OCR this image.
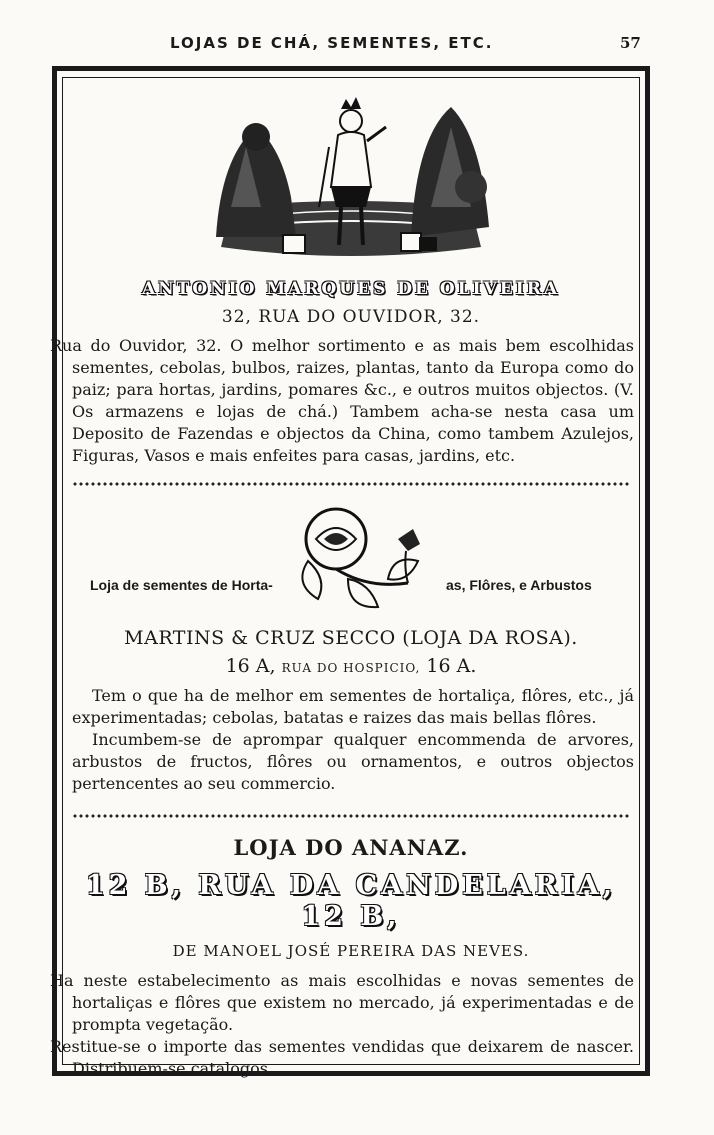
LOJAS DE CHÁ, SEMENTES, ETC.	57
ANTONIO MARQUES DE OLIVEIRA
32, RUA DO OUVIDOR, 32.

Rua do Ouvidor, 32. O melhor sortimento e as mais bem escolhidas sementes, cebolas, bulbos, raizes, plantas, tanto da Europa como do paiz; para hortas, jardins, pomares &c., e outros muitos objectos. (V. Os armazens e lojas de chá.) Tambem acha-se nesta casa um Deposito de Fazendas e objectos da China, como tambem Azulejos, Figuras, Vasos e mais enfeites para casas, jardins, etc.

Loja de sementes de Horta-	as, Flôres, e Arbustos
MARTINS & CRUZ SECCO (LOJA DA ROSA).
16 A, RUA DO HOSPICIO, 16 A.

Tem o que ha de melhor em sementes de hortaliça, flôres, etc., já experimentadas; cebolas, batatas e raizes das mais bellas flôres.

Incumbem-se de aprompar qualquer encommenda de arvores, arbustos de fructos, flôres ou ornamentos, e outros objectos pertencentes ao seu commercio.

LOJA DO ANANAZ.
12 B, RUA DA CANDELARIA, 12 B,
DE MANOEL JOSÉ PEREIRA DAS NEVES.

Ha neste estabelecimento as mais escolhidas e novas sementes de hortaliças e flôres que existem no mercado, já experimentadas e de prompta vegetação.

Restitue-se o importe das sementes vendidas que deixarem de nascer. Distribuem-se catalogos.
